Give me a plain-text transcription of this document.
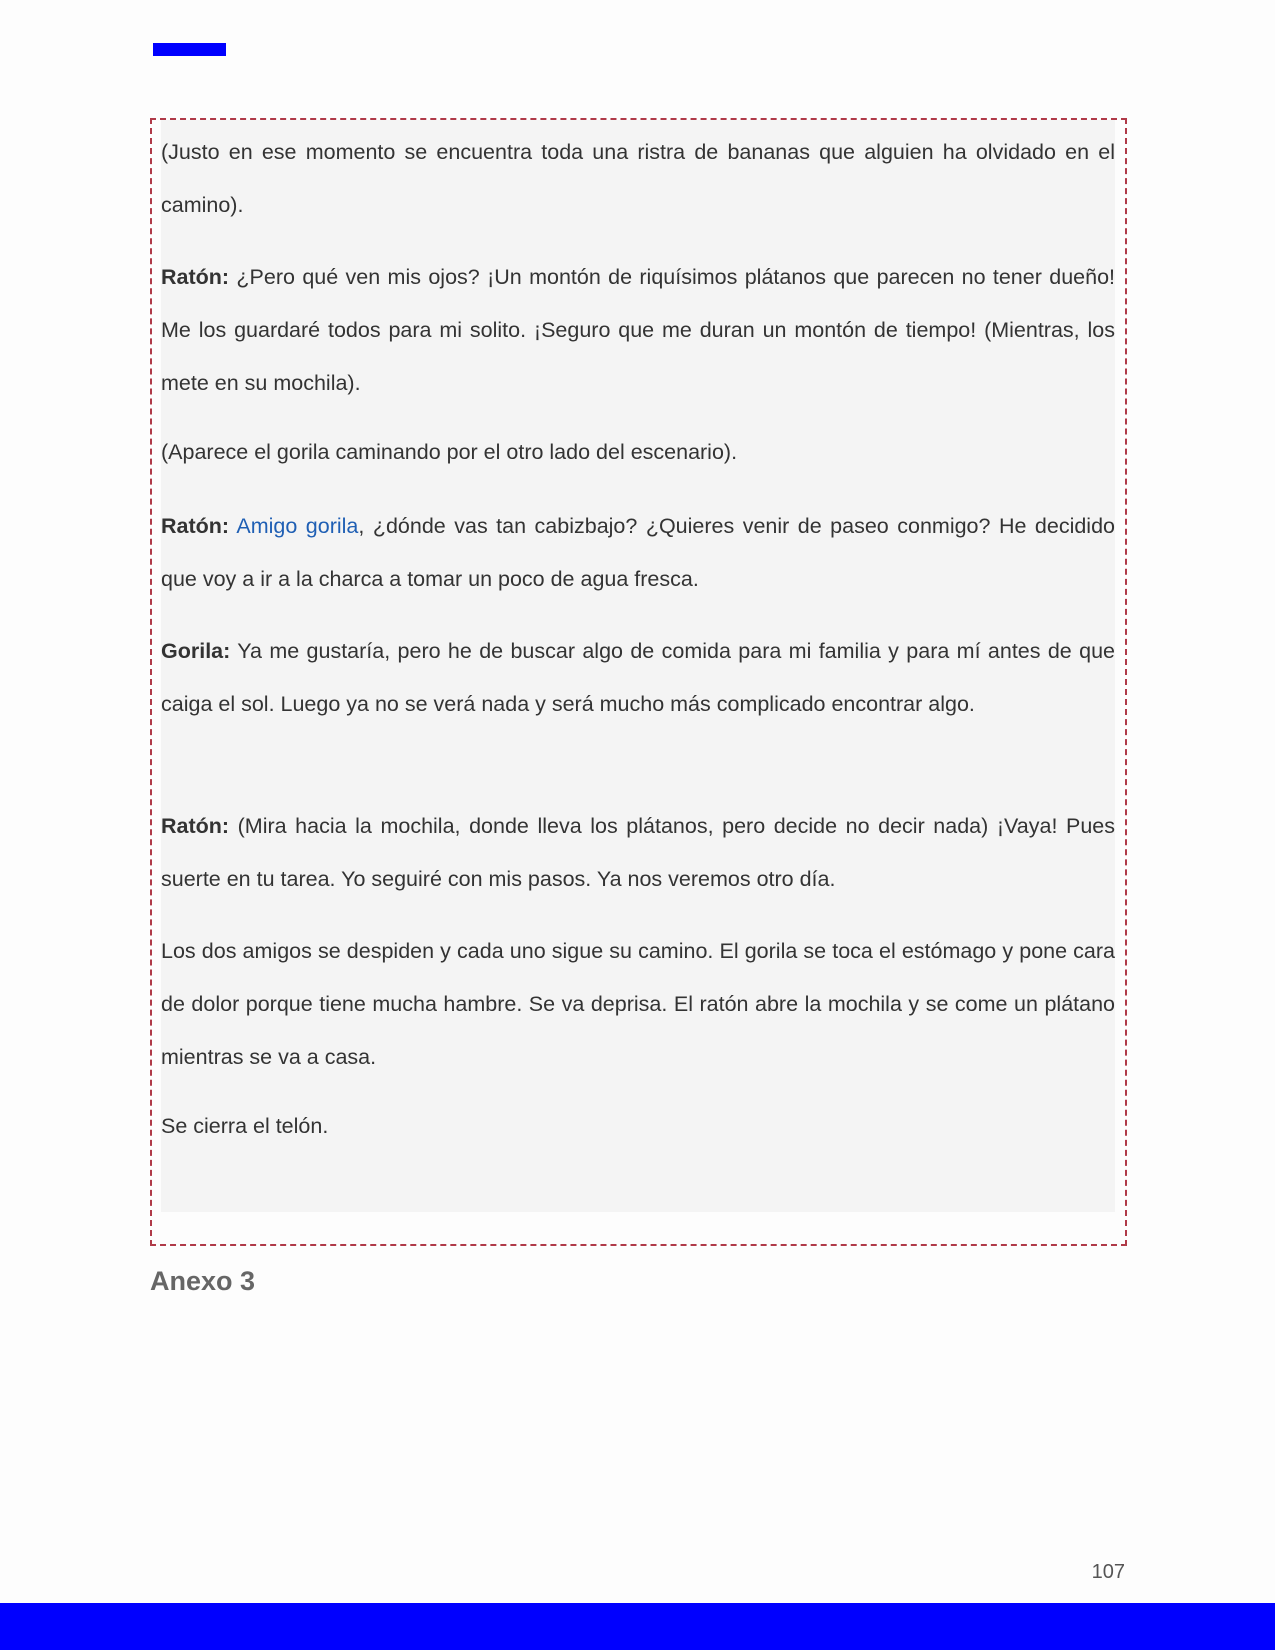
(Justo en ese momento se encuentra toda una ristra de bananas que alguien ha olvidado en el camino).

Ratón: ¿Pero qué ven mis ojos? ¡Un montón de riquísimos plátanos que parecen no tener dueño! Me los guardaré todos para mi solito. ¡Seguro que me duran un montón de tiempo! (Mientras, los mete en su mochila).

(Aparece el gorila caminando por el otro lado del escenario).

Ratón: Amigo gorila, ¿dónde vas tan cabizbajo? ¿Quieres venir de paseo conmigo? He decidido que voy a ir a la charca a tomar un poco de agua fresca.

Gorila: Ya me gustaría, pero he de buscar algo de comida para mi familia y para mí antes de que caiga el sol. Luego ya no se verá nada y será mucho más complicado encontrar algo.

Ratón: (Mira hacia la mochila, donde lleva los plátanos, pero decide no decir nada) ¡Vaya! Pues suerte en tu tarea. Yo seguiré con mis pasos. Ya nos veremos otro día.

Los dos amigos se despiden y cada uno sigue su camino. El gorila se toca el estómago y pone cara de dolor porque tiene mucha hambre. Se va deprisa. El ratón abre la mochila y se come un plátano mientras se va a casa.

Se cierra el telón.

Anexo 3
107
